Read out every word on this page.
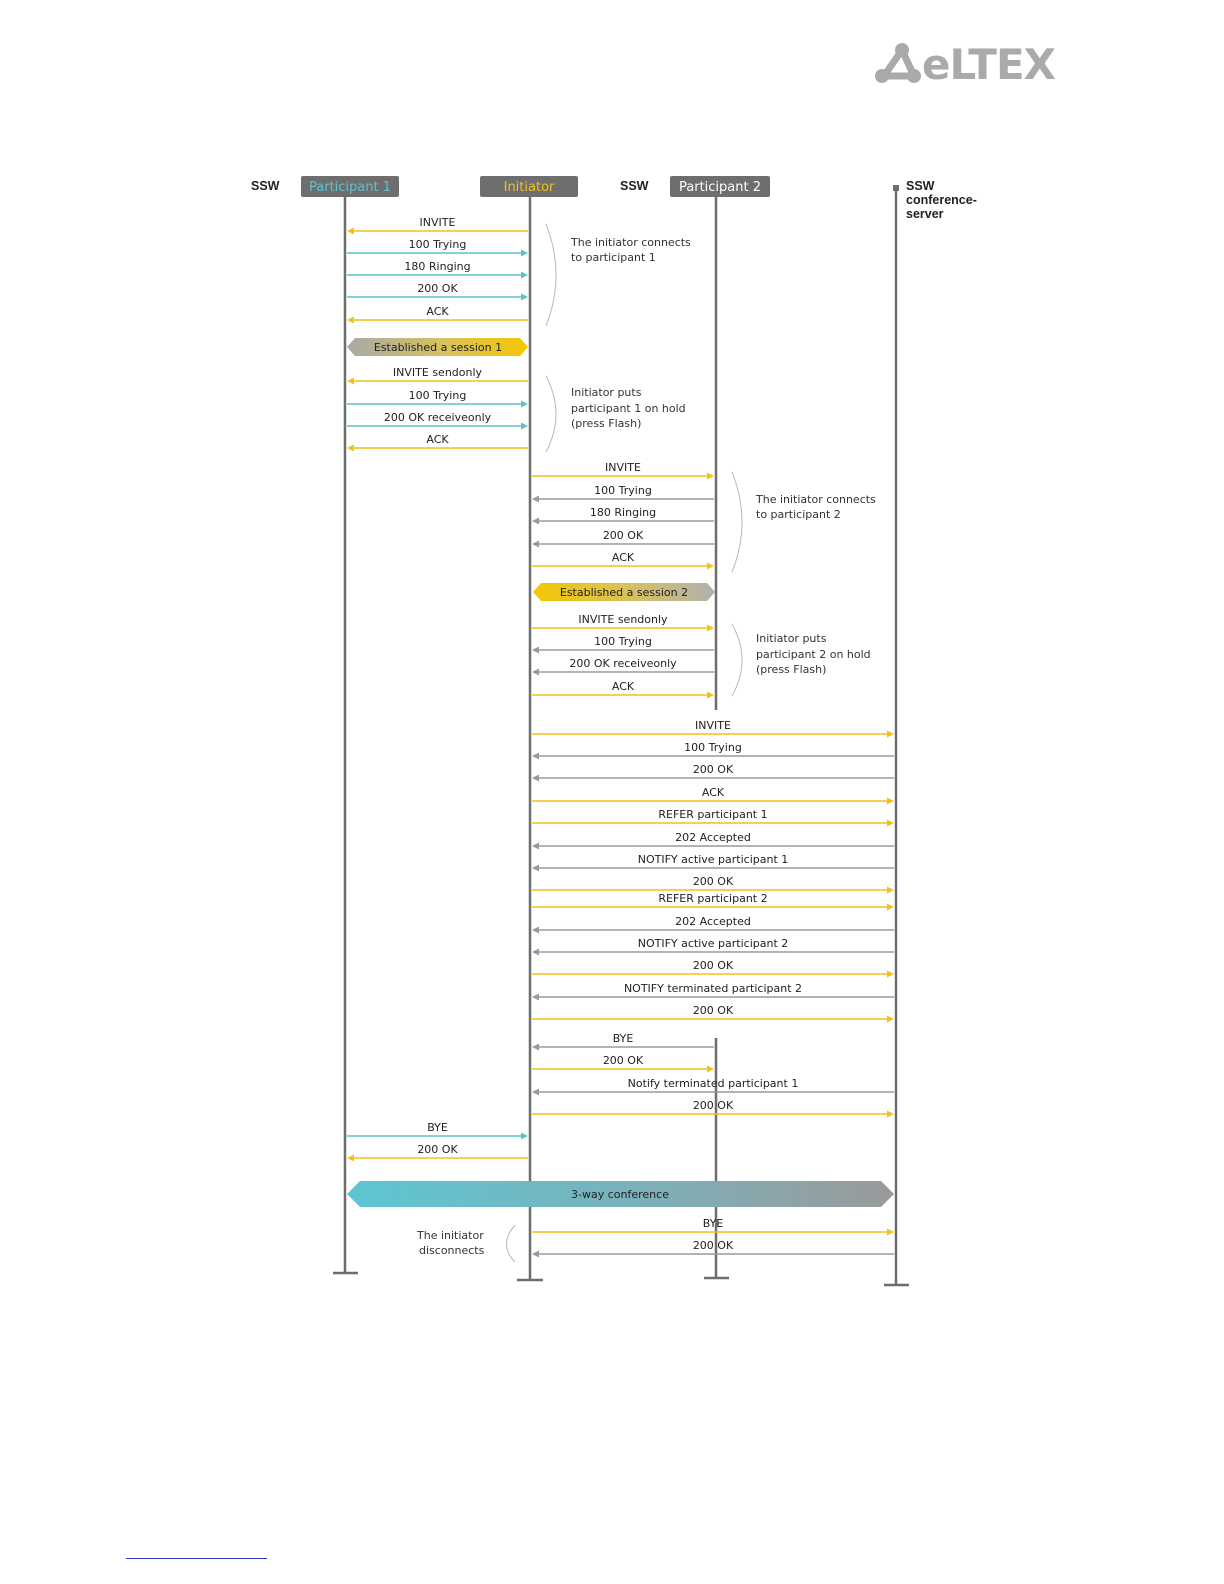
eLTEX
SSW	SSW	SSW
conference-
server
Participant 1	Initiator	Participant 2
Established a session 1
Established a session 2
3-way conference
The initiator connects
to participant 1
Initiator puts
participant 1 on hold
(press Flash)
The initiator connects
to participant 2
Initiator puts
participant 2 on hold
(press Flash)
The initiator
disconnects
INVITE
100 Trying
180 Ringing
200 OK
ACK
INVITE sendonly
100 Trying
200 OK receiveonly
ACK
INVITE
100 Trying
180 Ringing
200 OK
ACK
INVITE sendonly
100 Trying
200 OK receiveonly
ACK
INVITE
100 Trying
200 OK
ACK
REFER participant 1
202 Accepted
NOTIFY active participant 1
200 OK
REFER participant 2
202 Accepted
NOTIFY active participant 2
200 OK
NOTIFY terminated participant 2
200 OK
BYE
200 OK
Notify terminated participant 1
200 OK
BYE
200 OK
BYE
200 OK
